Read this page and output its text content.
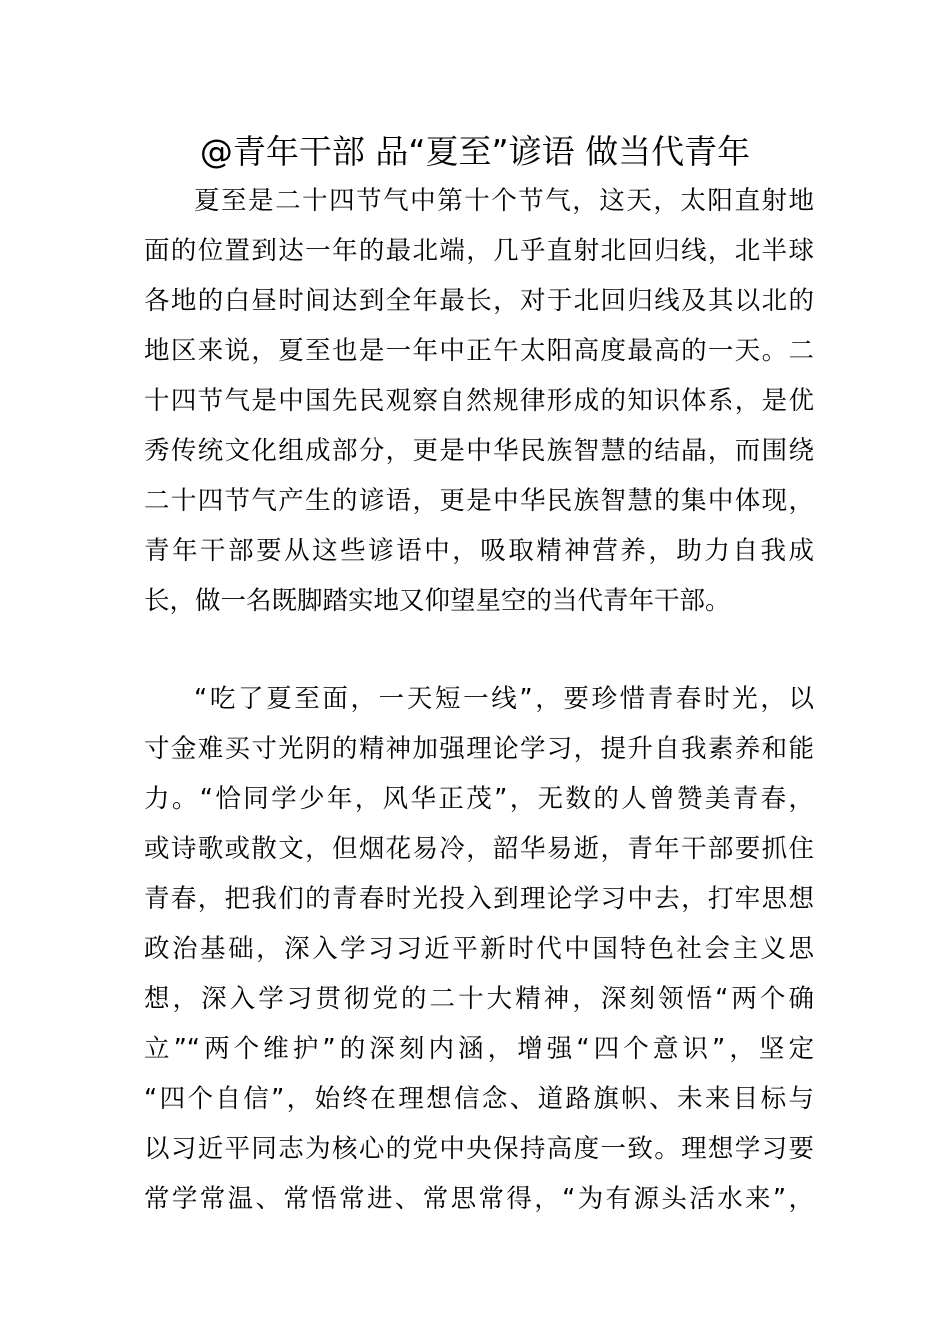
@青年干部 品“夏至”谚语 做当代青年
夏至是二十四节气中第十个节气，这天，太阳直射地
面的位置到达一年的最北端，几乎直射北回归线，北半球
各地的白昼时间达到全年最长，对于北回归线及其以北的
地区来说，夏至也是一年中正午太阳高度最高的一天。二
十四节气是中国先民观察自然规律形成的知识体系，是优
秀传统文化组成部分，更是中华民族智慧的结晶，而围绕
二十四节气产生的谚语，更是中华民族智慧的集中体现，
青年干部要从这些谚语中，吸取精神营养，助力自我成
长，做一名既脚踏实地又仰望星空的当代青年干部。
“吃了夏至面，一天短一线”，要珍惜青春时光，以
寸金难买寸光阴的精神加强理论学习，提升自我素养和能
力。“恰同学少年，风华正茂”，无数的人曾赞美青春，
或诗歌或散文，但烟花易冷，韶华易逝，青年干部要抓住
青春，把我们的青春时光投入到理论学习中去，打牢思想
政治基础，深入学习习近平新时代中国特色社会主义思
想，深入学习贯彻党的二十大精神，深刻领悟“两个确
立”“两个维护”的深刻内涵，增强“四个意识”，坚定
“四个自信”，始终在理想信念、道路旗帜、未来目标与
以习近平同志为核心的党中央保持高度一致。理想学习要
常学常温、常悟常进、常思常得，“为有源头活水来”，
